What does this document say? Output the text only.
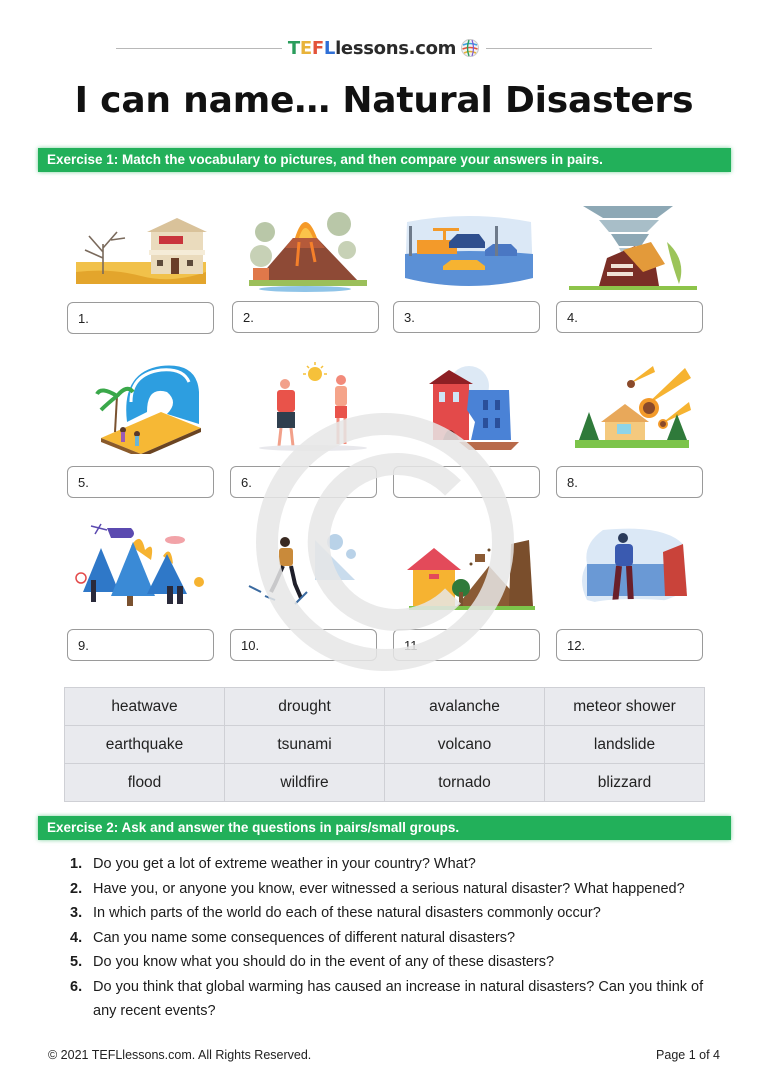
T E F L lessons.com
I can name… Natural Disasters
Exercise 1: Match the vocabulary to pictures, and then compare your answers in pairs.
1.	2.	3.	4.
5.	6.	8.
9.	10.	11	12.
heatwave	drought	avalanche	meteor shower
earthquake	tsunami	volcano	landslide
flood	wildfire	tornado	blizzard
Exercise 2: Ask and answer the questions in pairs/small groups.
1. Do you get a lot of extreme weather in your country? What?
2. Have you, or anyone you know, ever witnessed a serious natural disaster? What happened?
3. In which parts of the world do each of these natural disasters commonly occur?
4. Can you name some consequences of different natural disasters?
5. Do you know what you should do in the event of any of these disasters?
6. Do you think that global warming has caused an increase in natural disasters? Can you think of any recent events?
© 2021 TEFLlessons.com. All Rights Reserved.	Page 1 of 4
